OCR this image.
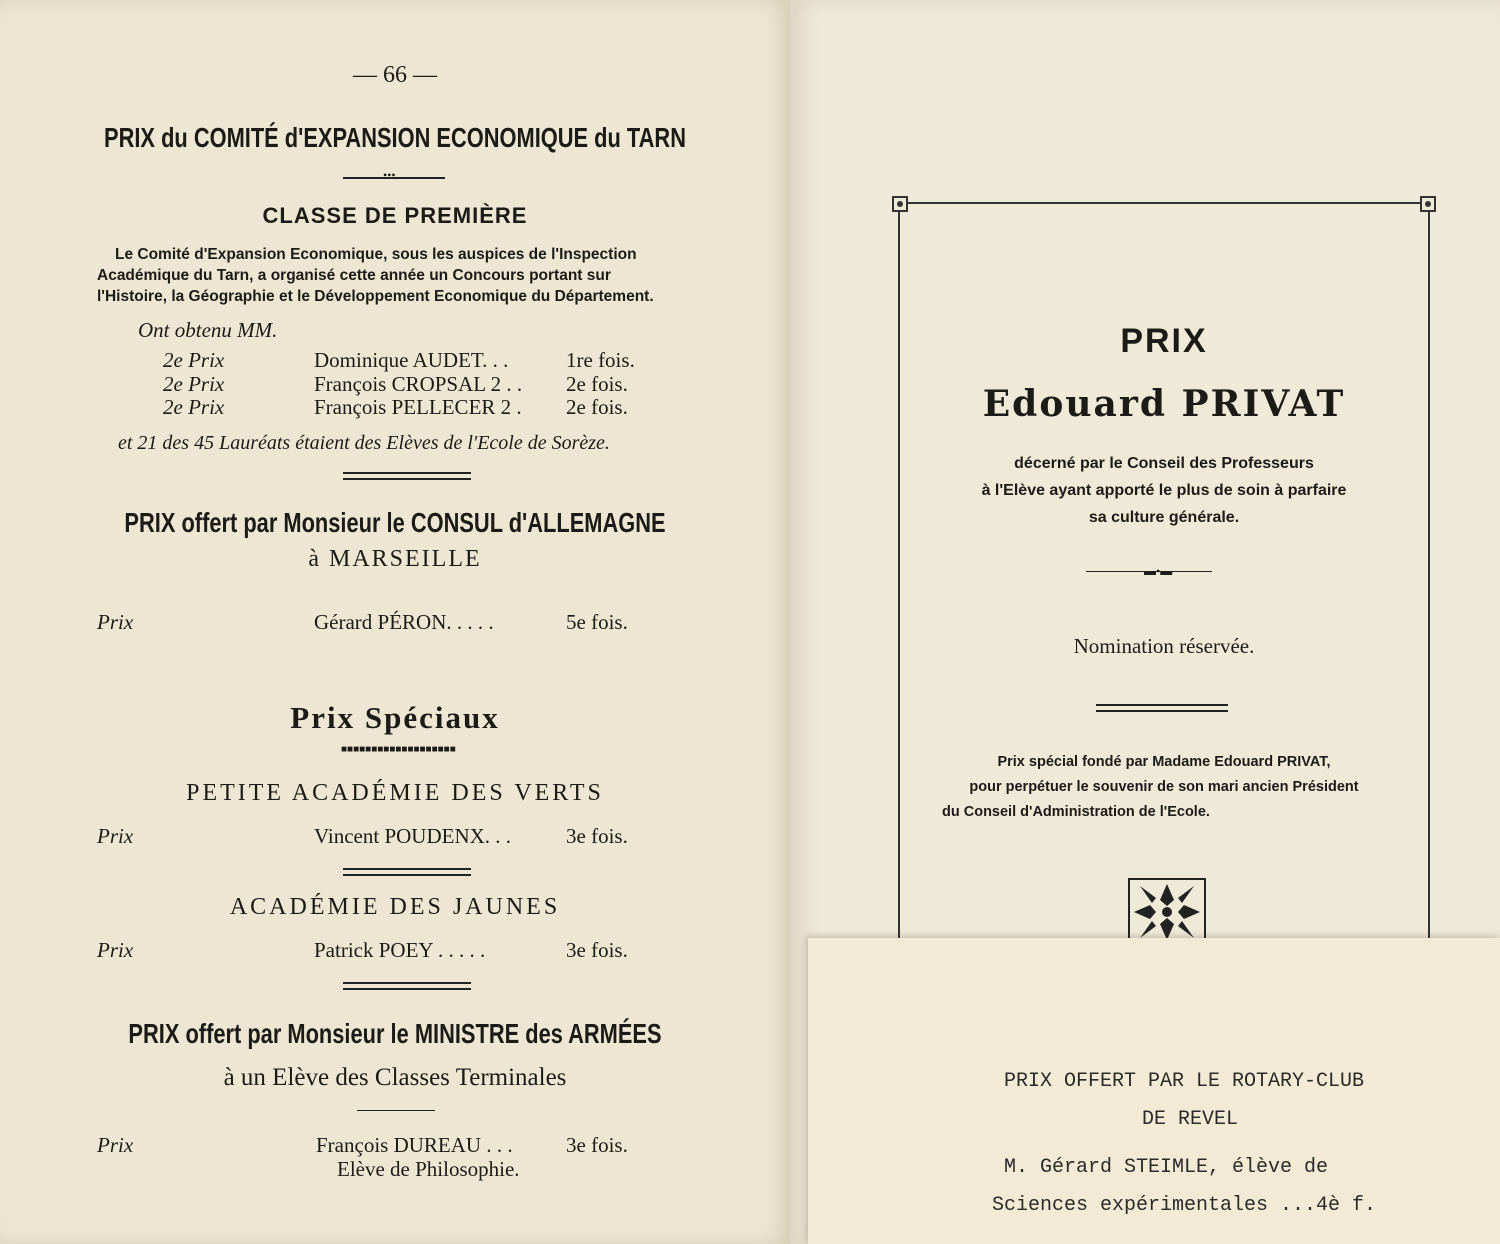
— 66 —
PRIX du COMITÉ d'EXPANSION ECONOMIQUE du TARN
•••
CLASSE DE PREMIÈRE
Le Comité d'Expansion Economique, sous les auspices de l'Inspection
Académique du Tarn, a organisé cette année un Concours portant sur
l'Histoire, la Géographie et le Développement Economique du Département.
Ont obtenu MM.
2e Prix	Dominique AUDET. . .	1re fois.
2e Prix	François CROPSAL 2 . . 2e fois.
2e Prix	François PELLECER 2 . 2e fois.
et 21 des 45 Lauréats étaient des Elèves de l'Ecole de Sorèze.
PRIX offert par Monsieur le CONSUL d'ALLEMAGNE
à MARSEILLE
Prix	Gérard PÉRON. . . . .	5e fois.
Prix Spéciaux
■■■■■■■■■■■■■■■■■■■
PETITE ACADÉMIE DES VERTS
Prix	Vincent POUDENX. . .	3e fois.
ACADÉMIE DES JAUNES
Prix	Patrick POEY . . . . .	3e fois.
PRIX offert par Monsieur le MINISTRE des ARMÉES
à un Elève des Classes Terminales
Prix	François DUREAU . . .	3e fois.
Elève de Philosophie.
PRIX
Edouard PRIVAT
décerné par le Conseil des Professeurs
à l'Elève ayant apporté le plus de soin à parfaire
sa culture générale.
▬•▬
Nomination réservée.
Prix spécial fondé par Madame Edouard PRIVAT,
pour perpétuer le souvenir de son mari ancien Président
du Conseil d'Administration de l'Ecole.
PRIX OFFERT PAR LE ROTARY-CLUB
DE REVEL
M. Gérard STEIMLE, élève de
Sciences expérimentales ...4è f.
